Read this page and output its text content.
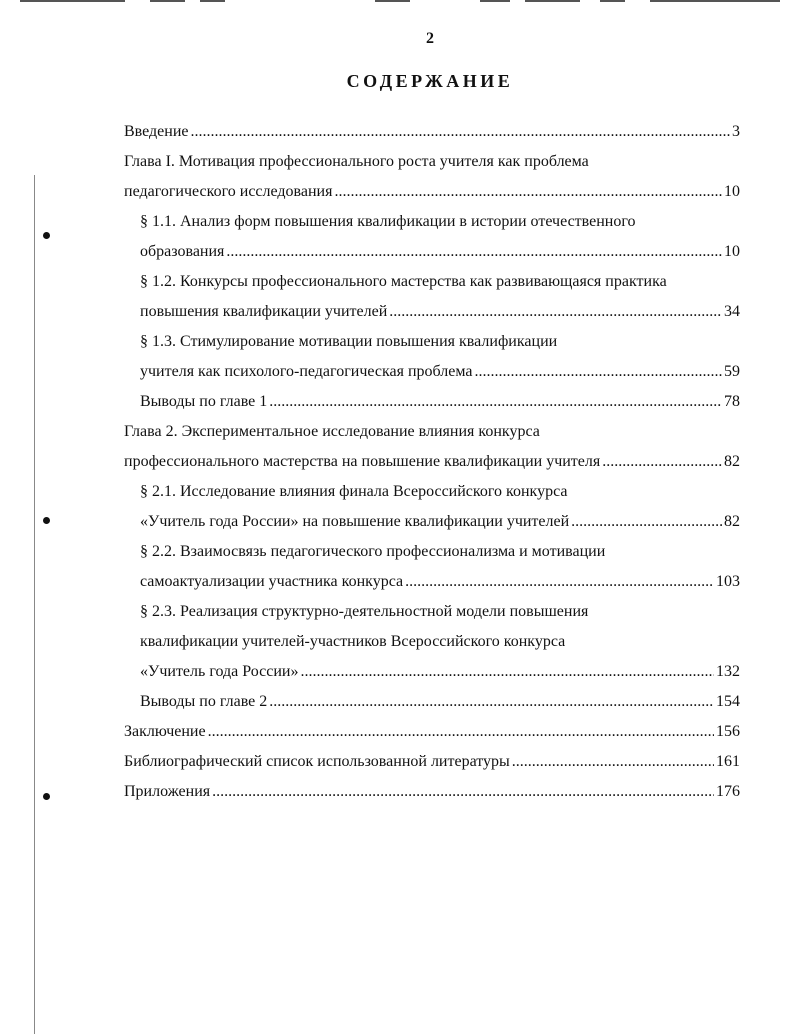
2
СОДЕРЖАНИЕ
Введение .....	3
Глава I. Мотивация профессионального роста учителя как проблема
педагогического исследования .....	10
§ 1.1. Анализ форм повышения квалификации в истории отечественного
образования .....	10
§ 1.2. Конкурсы профессионального мастерства как развивающаяся практика
повышения квалификации учителей .....	34
§ 1.3. Стимулирование мотивации повышения квалификации
учителя как психолого-педагогическая проблема .....	59
Выводы по главе 1 .....	78
Глава 2. Экспериментальное исследование влияния конкурса
профессионального мастерства на повышение квалификации учителя .....	82
§ 2.1. Исследование влияния финала Всероссийского конкурса
«Учитель года России» на повышение квалификации учителей .....	82
§ 2.2. Взаимосвязь педагогического профессионализма и мотивации
самоактуализации участника конкурса .....	103
§ 2.3. Реализация структурно-деятельностной модели повышения
квалификации учителей-участников Всероссийского конкурса
«Учитель года России» .....	132
Выводы по главе 2 .....	154
Заключение .....	156
Библиографический список использованной литературы .....	161
Приложения .....	176
